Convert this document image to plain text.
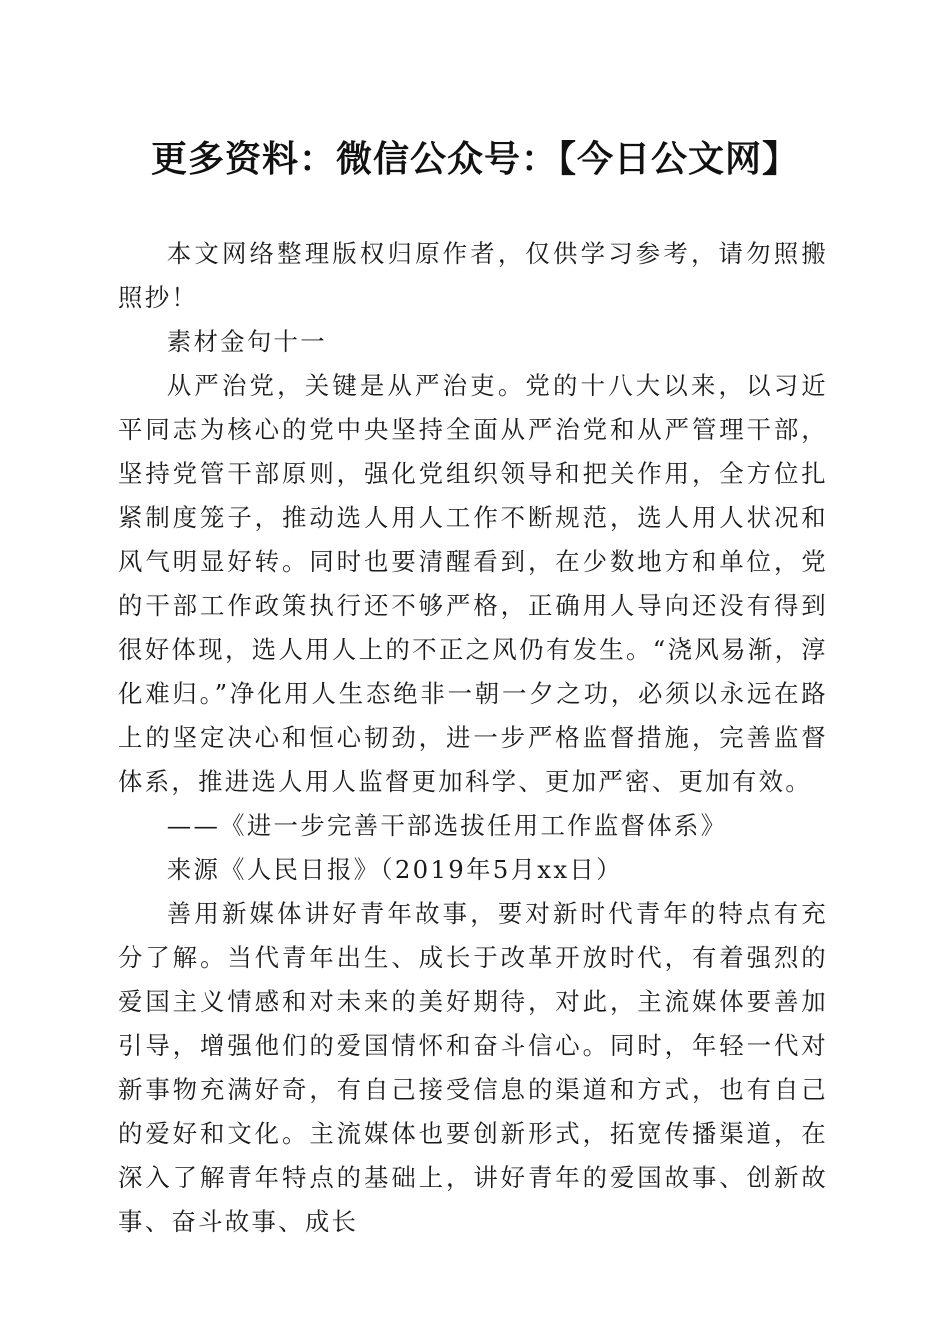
更多资料：微信公众号：【今日公文网】

本文网络整理版权归原作者，仅供学习参考，请勿照搬照抄！

素材金句十一

从严治党，关键是从严治吏。党的十八大以来，以习近平同志为核心的党中央坚持全面从严治党和从严管理干部，坚持党管干部原则，强化党组织领导和把关作用，全方位扎紧制度笼子，推动选人用人工作不断规范，选人用人状况和风气明显好转。同时也要清醒看到，在少数地方和单位，党的干部工作政策执行还不够严格，正确用人导向还没有得到很好体现，选人用人上的不正之风仍有发生。“浇风易渐，淳化难归。”净化用人生态绝非一朝一夕之功，必须以永远在路上的坚定决心和恒心韧劲，进一步严格监督措施，完善监督体系，推进选人用人监督更加科学、更加严密、更加有效。

——《进一步完善干部选拔任用工作监督体系》

来源《人民日报》（2019年5月xx日）

善用新媒体讲好青年故事，要对新时代青年的特点有充分了解。当代青年出生、成长于改革开放时代，有着强烈的爱国主义情感和对未来的美好期待，对此，主流媒体要善加引导，增强他们的爱国情怀和奋斗信心。同时，年轻一代对新事物充满好奇，有自己接受信息的渠道和方式，也有自己的爱好和文化。主流媒体也要创新形式，拓宽传播渠道，在深入了解青年特点的基础上，讲好青年的爱国故事、创新故事、奋斗故事、成长
